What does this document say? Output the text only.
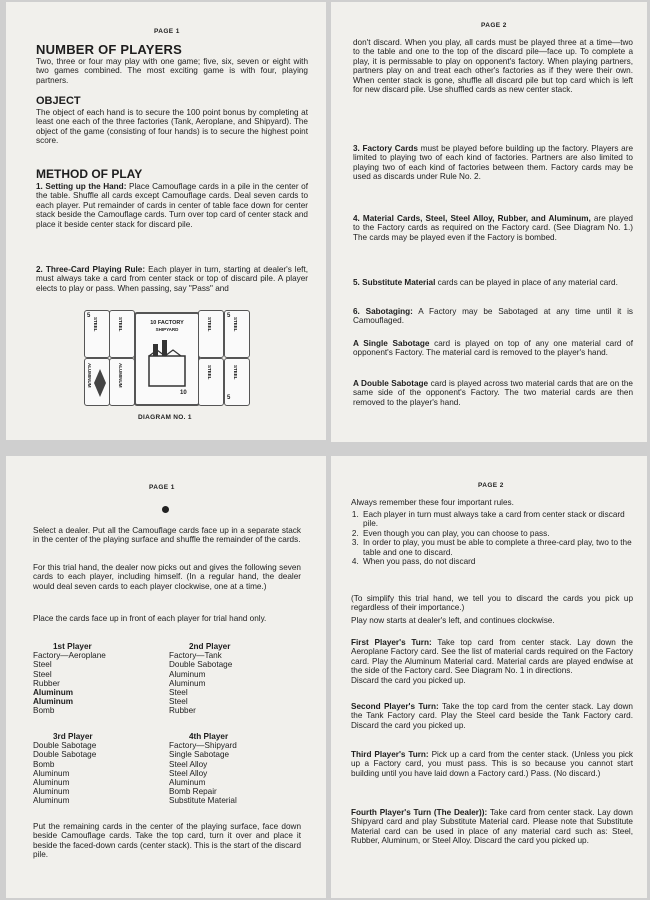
PAGE 1
NUMBER OF PLAYERS

Two, three or four may play with one game; five, six, seven or eight with two games combined. The most exciting game is with four, playing partners.

OBJECT

The object of each hand is to secure the 100 point bonus by completing at least one each of the three factories (Tank, Aeroplane, and Shipyard). The object of the game (consisting of four hands) is to secure the highest point score.

METHOD OF PLAY

1. Setting up the Hand: Place Camouflage cards in a pile in the center of the table. Shuffle all cards except Camouflage cards. Deal seven cards to each player. Put remainder of cards in center of table face down for center stack beside the Camouflage cards. Turn over top card of center stack and place it beside center stack for discard pile.

2. Three-Card Playing Rule: Each player in turn, starting at dealer's left, must always take a card from center stack or top of discard pile. A player elects to play or pass. When passing, say "Pass" and

STEEL
5
ALUMINUM
STEEL
ALUMINUM
10 FACTORY
SHIPYARD
10
STEEL
STEEL
STEEL
5
STEEL
5
DIAGRAM NO. 1
PAGE 2

don't discard. When you play, all cards must be played three at a time—two to the table and one to the top of the discard pile—face up. To complete a play, it is permissable to play on opponent's factory. When playing partners, partners play on and treat each other's factories as if they were their own. When center stack is gone, shuffle all discard pile but top card which is left for new discard pile. Use shuffled cards as new center stack.

3. Factory Cards must be played before building up the factory. Players are limited to playing two of each kind of factories. Partners are also limited to playing two of each kind of factories between them. Factory cards may be used as discards under Rule No. 2.

4. Material Cards, Steel, Steel Alloy, Rubber, and Aluminum, are played to the Factory cards as required on the Factory card. (See Diagram No. 1.) The cards may be played even if the Factory is bombed.

5. Substitute Material cards can be played in place of any material card.

6. Sabotaging: A Factory may be Sabotaged at any time until it is Camouflaged.

A Single Sabotage card is played on top of any one material card of opponent's Factory. The material card is removed to the player's hand.

A Double Sabotage card is played across two material cards that are on the same side of the opponent's Factory. The two material cards are then removed to the player's hand.

PAGE 1

Select a dealer. Put all the Camouflage cards face up in a separate stack in the center of the playing surface and shuffle the remainder of the cards.

For this trial hand, the dealer now picks out and gives the following seven cards to each player, including himself. (In a regular hand, the dealer would deal seven cards to each player clockwise, one at a time.)

Place the cards face up in front of each player for trial hand only.

1st Player
Factory—Aeroplane
Steel
Steel
Rubber
Aluminum
Aluminum
Bomb
2nd Player
Factory—Tank
Double Sabotage
Aluminum
Aluminum
Steel
Steel
Rubber
3rd Player
Double Sabotage
Double Sabotage
Bomb
Aluminum
Aluminum
Aluminum
Aluminum
4th Player
Factory—Shipyard
Single Sabotage
Steel Alloy
Steel Alloy
Aluminum
Bomb Repair
Substitute Material

Put the remaining cards in the center of the playing surface, face down beside Camouflage cards. Take the top card, turn it over and place it beside the faced-down cards (center stack). This is the start of the discard pile.

PAGE 2

Always remember these four important rules.

1. Each player in turn must always take a card from center stack or discard pile.
2. Even though you can play, you can choose to pass.
3. In order to play, you must be able to complete a three-card play, two to the table and one to discard.
4. When you pass, do not discard

(To simplify this trial hand, we tell you to discard the cards you pick up regardless of their importance.)

Play now starts at dealer's left, and continues clockwise.

First Player's Turn: Take top card from center stack. Lay down the Aeroplane Factory card. See the list of material cards required on the Factory card. Play the Aluminum Material card. Material cards are played endwise at the side of the Factory card. See Diagram No. 1 in directions.
Discard the card you picked up.

Second Player's Turn: Take the top card from the center stack. Lay down the Tank Factory card. Play the Steel card beside the Tank Factory card. Discard the card you picked up.

Third Player's Turn: Pick up a card from the center stack. (Unless you pick up a Factory card, you must pass. This is so because you cannot start building until you have laid down a Factory card.) Pass. (No discard.)

Fourth Player's Turn (The Dealer)): Take card from center stack. Lay down Shipyard card and play Substitute Material card. Please note that Substitute Material card can be used in place of any material card such as: Steel, Rubber, Aluminum, or Steel Alloy. Discard the card you picked up.
